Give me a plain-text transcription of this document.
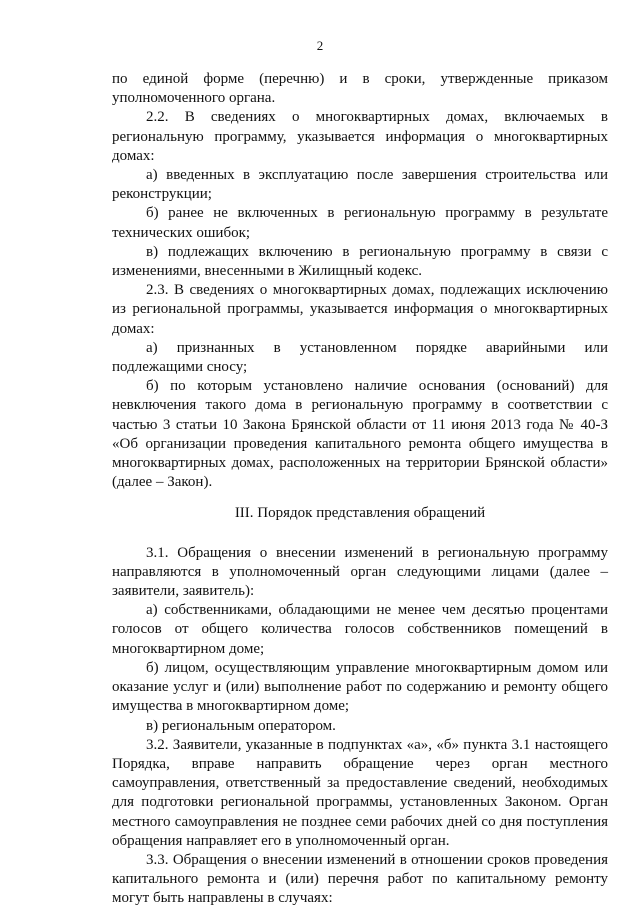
2

по единой форме (перечню) и в сроки, утвержденные приказом уполномоченного органа.

2.2. В сведениях о многоквартирных домах, включаемых в региональную программу, указывается информация о многоквартирных домах:

а) введенных в эксплуатацию после завершения строительства или реконструкции;

б) ранее не включенных в региональную программу в результате технических ошибок;

в) подлежащих включению в региональную программу в связи с изменениями, внесенными в Жилищный кодекс.

2.3. В сведениях о многоквартирных домах, подлежащих исключению из региональной программы, указывается информация о многоквартирных домах:

а) признанных в установленном порядке аварийными или подлежащими сносу;

б) по которым установлено наличие основания (оснований) для невключения такого дома в региональную программу в соответствии с частью 3 статьи 10 Закона Брянской области от 11 июня 2013 года № 40-З «Об организации проведения капитального ремонта общего имущества в многоквартирных домах, расположенных на территории Брянской области» (далее – Закон).

III. Порядок представления обращений

3.1. Обращения о внесении изменений в региональную программу направляются в уполномоченный орган следующими лицами (далее – заявители, заявитель):

а) собственниками, обладающими не менее чем десятью процентами голосов от общего количества голосов собственников помещений в многоквартирном доме;

б) лицом, осуществляющим управление многоквартирным домом или оказание услуг и (или) выполнение работ по содержанию и ремонту общего имущества в многоквартирном доме;

в) региональным оператором.

3.2. Заявители, указанные в подпунктах «а», «б» пункта 3.1 настоящего Порядка, вправе направить обращение через орган местного самоуправления, ответственный за предоставление сведений, необходимых для подготовки региональной программы, установленных Законом. Орган местного самоуправления не позднее семи рабочих дней со дня поступления обращения направляет его в уполномоченный орган.

3.3. Обращения о внесении изменений в отношении сроков проведения капитального ремонта и (или) перечня работ по капитальному ремонту могут быть направлены в случаях:
